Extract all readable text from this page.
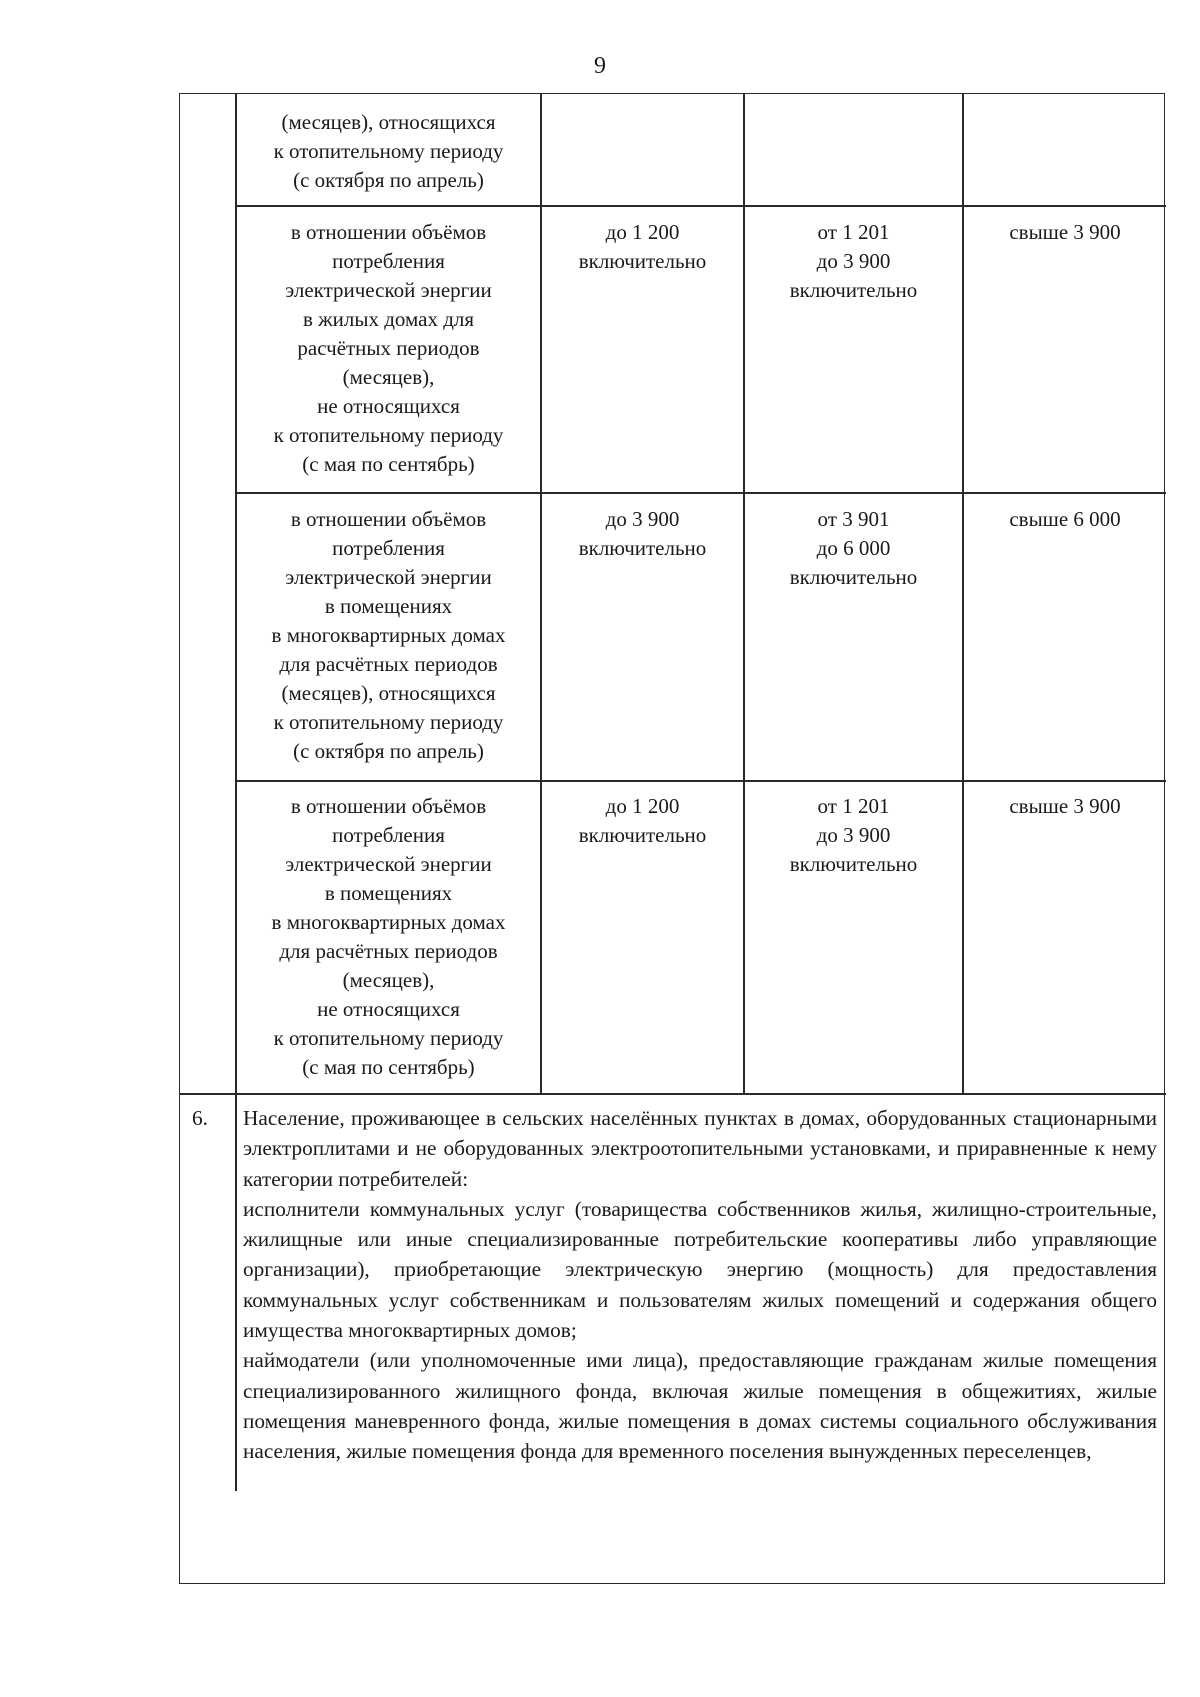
9
(месяцев), относящихся
к отопительному периоду
(с октября по апрель)
в отношении объёмов
потребления
электрической энергии
в жилых домах для
расчётных периодов
(месяцев),
не относящихся
к отопительному периоду
(с мая по сентябрь)
до 1 200
включительно
от 1 201
до 3 900
включительно
свыше 3 900
в отношении объёмов
потребления
электрической энергии
в помещениях
в многоквартирных домах
для расчётных периодов
(месяцев), относящихся
к отопительному периоду
(с октября по апрель)
до 3 900
включительно
от 3 901
до 6 000
включительно
свыше 6 000
в отношении объёмов
потребления
электрической энергии
в помещениях
в многоквартирных домах
для расчётных периодов
(месяцев),
не относящихся
к отопительному периоду
(с мая по сентябрь)
до 1 200
включительно
от 1 201
до 3 900
включительно
свыше 3 900
6.	Население, проживающее в сельских населённых пунктах в домах, оборудованных стационарными электроплитами и не оборудованных электроотопительными установками, и приравненные к нему категории потребителей:

исполнители коммунальных услуг (товарищества собственников жилья, жилищно-строительные, жилищные или иные специализированные потребительские кооперативы либо управляющие организации), приобретающие электрическую энергию (мощность) для предоставления коммунальных услуг собственникам и пользователям жилых помещений и содержания общего имущества многоквартирных домов;

наймодатели (или уполномоченные ими лица), предоставляющие гражданам жилые помещения специализированного жилищного фонда, включая жилые помещения в общежитиях, жилые помещения маневренного фонда, жилые помещения в домах системы социального обслуживания населения, жилые помещения фонда для временного поселения вынужденных переселенцев,
